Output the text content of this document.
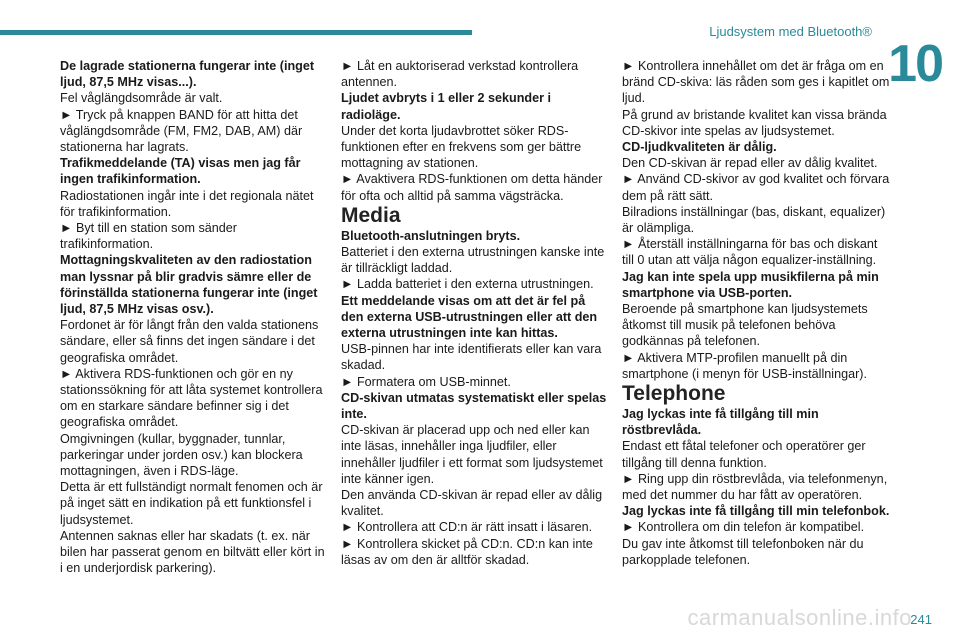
Ljudsystem med Bluetooth®
10

De lagrade stationerna fungerar inte (inget ljud, 87,5 MHz visas...).

Fel våglängdsområde är valt.

► Tryck på knappen BAND för att hitta det våglängdsområde (FM, FM2, DAB, AM) där stationerna har lagrats.

Trafikmeddelande (TA) visas men jag får ingen trafikinformation.

Radiostationen ingår inte i det regionala nätet för trafikinformation.

► Byt till en station som sänder trafikinformation.

Mottagningskvaliteten av den radiostation man lyssnar på blir gradvis sämre eller de förinställda stationerna fungerar inte (inget ljud, 87,5 MHz visas osv.).

Fordonet är för långt från den valda stationens sändare, eller så finns det ingen sändare i det geografiska området.

► Aktivera RDS-funktionen och gör en ny stationssökning för att låta systemet kontrollera om en starkare sändare befinner sig i det geografiska området.

Omgivningen (kullar, byggnader, tunnlar, parkeringar under jorden osv.) kan blockera mottagningen, även i RDS-läge.

Detta är ett fullständigt normalt fenomen och är på inget sätt en indikation på ett funktionsfel i ljudsystemet.

Antennen saknas eller har skadats (t. ex. när bilen har passerat genom en biltvätt eller kört in i en underjordisk parkering).

► Låt en auktoriserad verkstad kontrollera antennen.

Ljudet avbryts i 1 eller 2 sekunder i radioläge.

Under det korta ljudavbrottet söker RDS-funktionen efter en frekvens som ger bättre mottagning av stationen.

► Avaktivera RDS-funktionen om detta händer för ofta och alltid på samma vägsträcka.

Media

Bluetooth-anslutningen bryts.

Batteriet i den externa utrustningen kanske inte är tillräckligt laddad.

► Ladda batteriet i den externa utrustningen.

Ett meddelande visas om att det är fel på den externa USB-utrustningen eller att den externa utrustningen inte kan hittas.

USB-pinnen har inte identifierats eller kan vara skadad.

► Formatera om USB-minnet.

CD-skivan utmatas systematiskt eller spelas inte.

CD-skivan är placerad upp och ned eller kan inte läsas, innehåller inga ljudfiler, eller innehåller ljudfiler i ett format som ljudsystemet inte känner igen.

Den använda CD-skivan är repad eller av dålig kvalitet.

► Kontrollera att CD:n är rätt insatt i läsaren.

► Kontrollera skicket på CD:n. CD:n kan inte läsas av om den är alltför skadad.

► Kontrollera innehållet om det är fråga om en bränd CD-skiva: läs råden som ges i kapitlet om ljud.

På grund av bristande kvalitet kan vissa brända CD-skivor inte spelas av ljudsystemet.

CD-ljudkvaliteten är dålig.

Den CD-skivan är repad eller av dålig kvalitet.

► Använd CD-skivor av god kvalitet och förvara dem på rätt sätt.

Bilradions inställningar (bas, diskant, equalizer) är olämpliga.

► Återställ inställningarna för bas och diskant till 0 utan att välja någon equalizer-inställning.

Jag kan inte spela upp musikfilerna på min smartphone via USB-porten.

Beroende på smartphone kan ljudsystemets åtkomst till musik på telefonen behöva godkännas på telefonen.

► Aktivera MTP-profilen manuellt på din smartphone (i menyn för USB-inställningar).

Telephone

Jag lyckas inte få tillgång till min röstbrevlåda.

Endast ett fåtal telefoner och operatörer ger tillgång till denna funktion.

► Ring upp din röstbrevlåda, via telefonmenyn, med det nummer du har fått av operatören.

Jag lyckas inte få tillgång till min telefonbok.

► Kontrollera om din telefon är kompatibel.

Du gav inte åtkomst till telefonboken när du parkopplade telefonen.

carmanualsonline.info
241
